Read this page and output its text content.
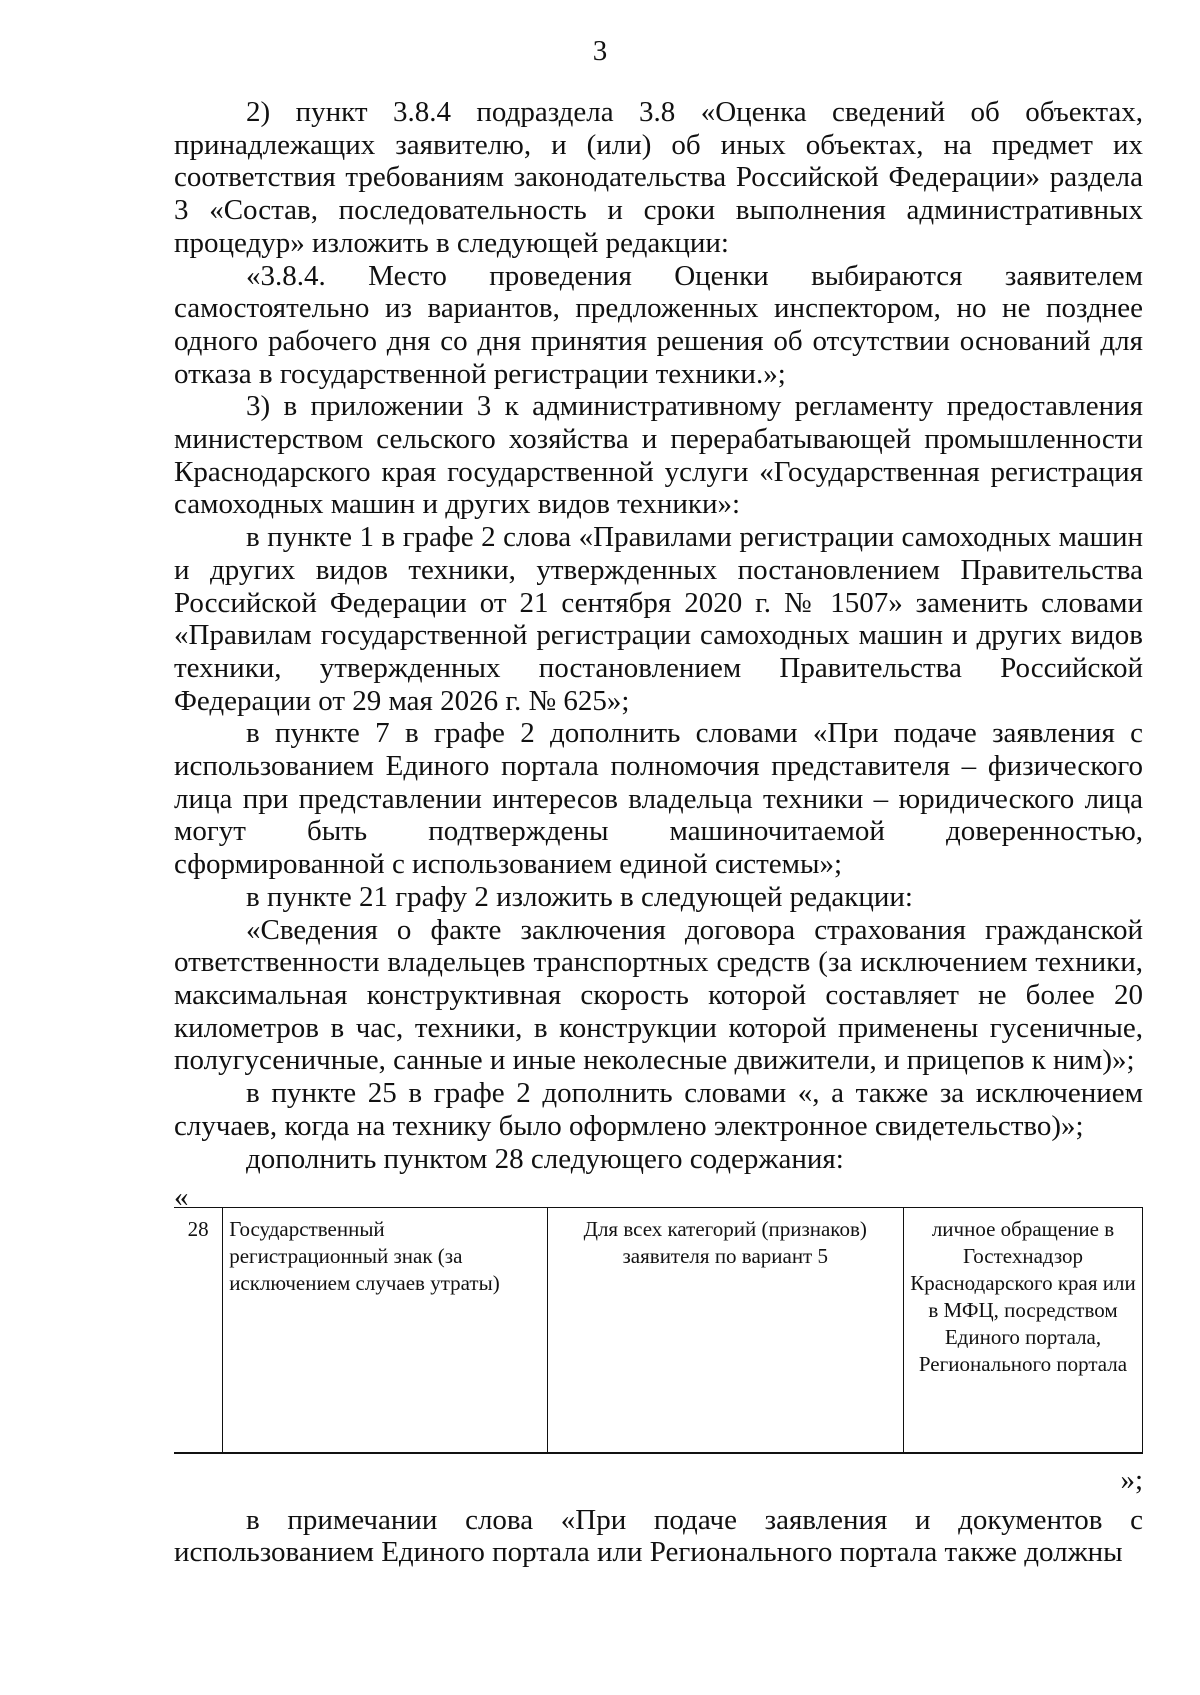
3

2) пункт 3.8.4 подраздела 3.8 «Оценка сведений об объектах, принадлежащих заявителю, и (или) об иных объектах, на предмет их соответствия требованиям законодательства Российской Федерации» раздела 3 «Состав, последовательность и сроки выполнения административных процедур» изложить в следующей редакции:

«3.8.4. Место проведения Оценки выбираются заявителем самостоятельно из вариантов, предложенных инспектором, но не позднее одного рабочего дня со дня принятия решения об отсутствии оснований для отказа в государственной регистрации техники.»;

3) в приложении 3 к административному регламенту предоставления министерством сельского хозяйства и перерабатывающей промышленности Краснодарского края государственной услуги «Государственная регистрация самоходных машин и других видов техники»:

в пункте 1 в графе 2 слова «Правилами регистрации самоходных машин и других видов техники, утвержденных постановлением Правительства Российской Федерации от 21 сентября 2020 г. № 1507» заменить словами «Правилам государственной регистрации самоходных машин и других видов техники, утвержденных постановлением Правительства Российской Федерации от 29 мая 2026 г. № 625»;

в пункте 7 в графе 2 дополнить словами «При подаче заявления с использованием Единого портала полномочия представителя – физического лица при представлении интересов владельца техники – юридического лица могут быть подтверждены машиночитаемой доверенностью, сформированной с использованием единой системы»;

в пункте 21 графу 2 изложить в следующей редакции:

«Сведения о факте заключения договора страхования гражданской ответственности владельцев транспортных средств (за исключением техники, максимальная конструктивная скорость которой составляет не более 20 километров в час, техники, в конструкции которой применены гусеничные, полугусеничные, санные и иные неколесные движители, и прицепов к ним)»;

в пункте 25 в графе 2 дополнить словами «, а также за исключением случаев, когда на технику было оформлено электронное свидетельство)»;

дополнить пунктом 28 следующего содержания:

«
28	Государственный регистрационный знак (за исключением случаев утраты)	Для всех категорий (признаков) заявителя по вариант 5	личное обращение в Гостехнадзор Краснодарского края или в МФЦ, посредством Единого портала, Регионального портала
»;

в примечании слова «При подаче заявления и документов с использованием Единого портала или Регионального портала также должны
